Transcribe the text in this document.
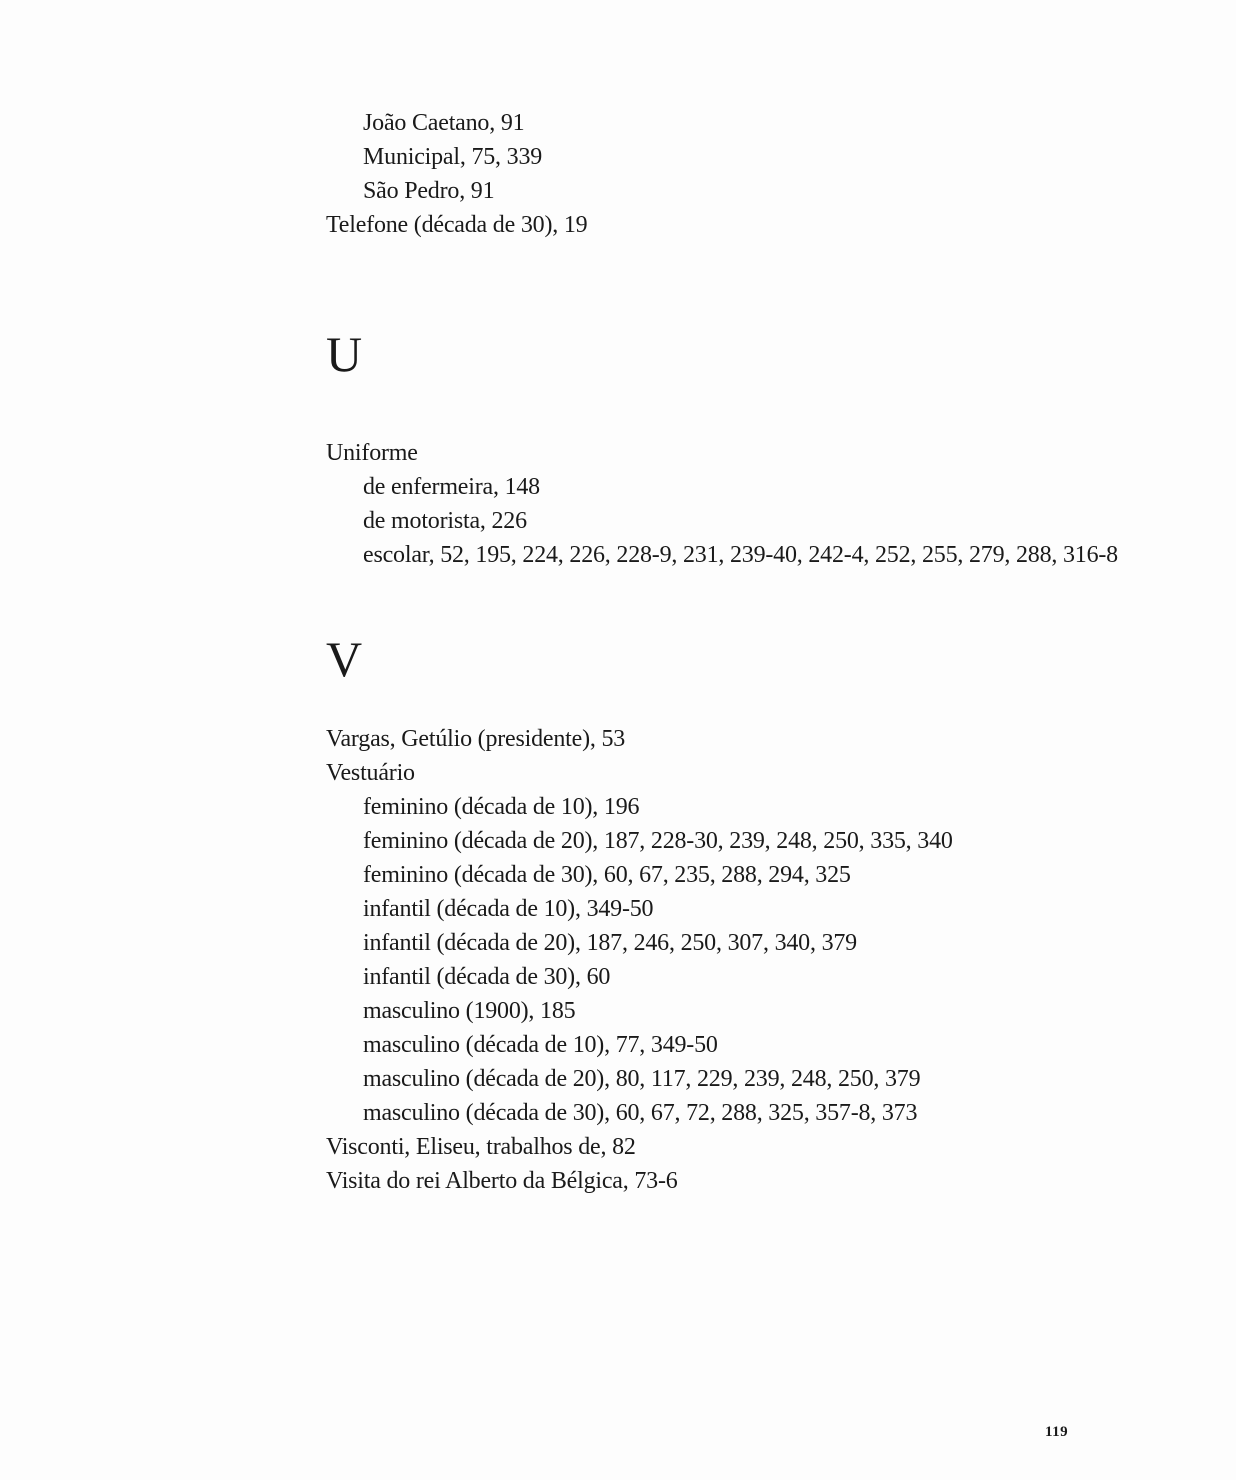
João Caetano, 91
Municipal, 75, 339
São Pedro, 91
Telefone (década de 30), 19
U
Uniforme
de enfermeira, 148
de motorista, 226
escolar, 52, 195, 224, 226, 228-9, 231, 239-40, 242-4, 252, 255, 279, 288, 316-8
V
Vargas, Getúlio (presidente), 53
Vestuário
feminino (década de 10), 196
feminino (década de 20), 187, 228-30, 239, 248, 250, 335, 340
feminino (década de 30), 60, 67, 235, 288, 294, 325
infantil (década de 10), 349-50
infantil (década de 20), 187, 246, 250, 307, 340, 379
infantil (década de 30), 60
masculino (1900), 185
masculino (década de 10), 77, 349-50
masculino (década de 20), 80, 117, 229, 239, 248, 250, 379
masculino (década de 30), 60, 67, 72, 288, 325, 357-8, 373
Visconti, Eliseu, trabalhos de, 82
Visita do rei Alberto da Bélgica, 73-6
119
